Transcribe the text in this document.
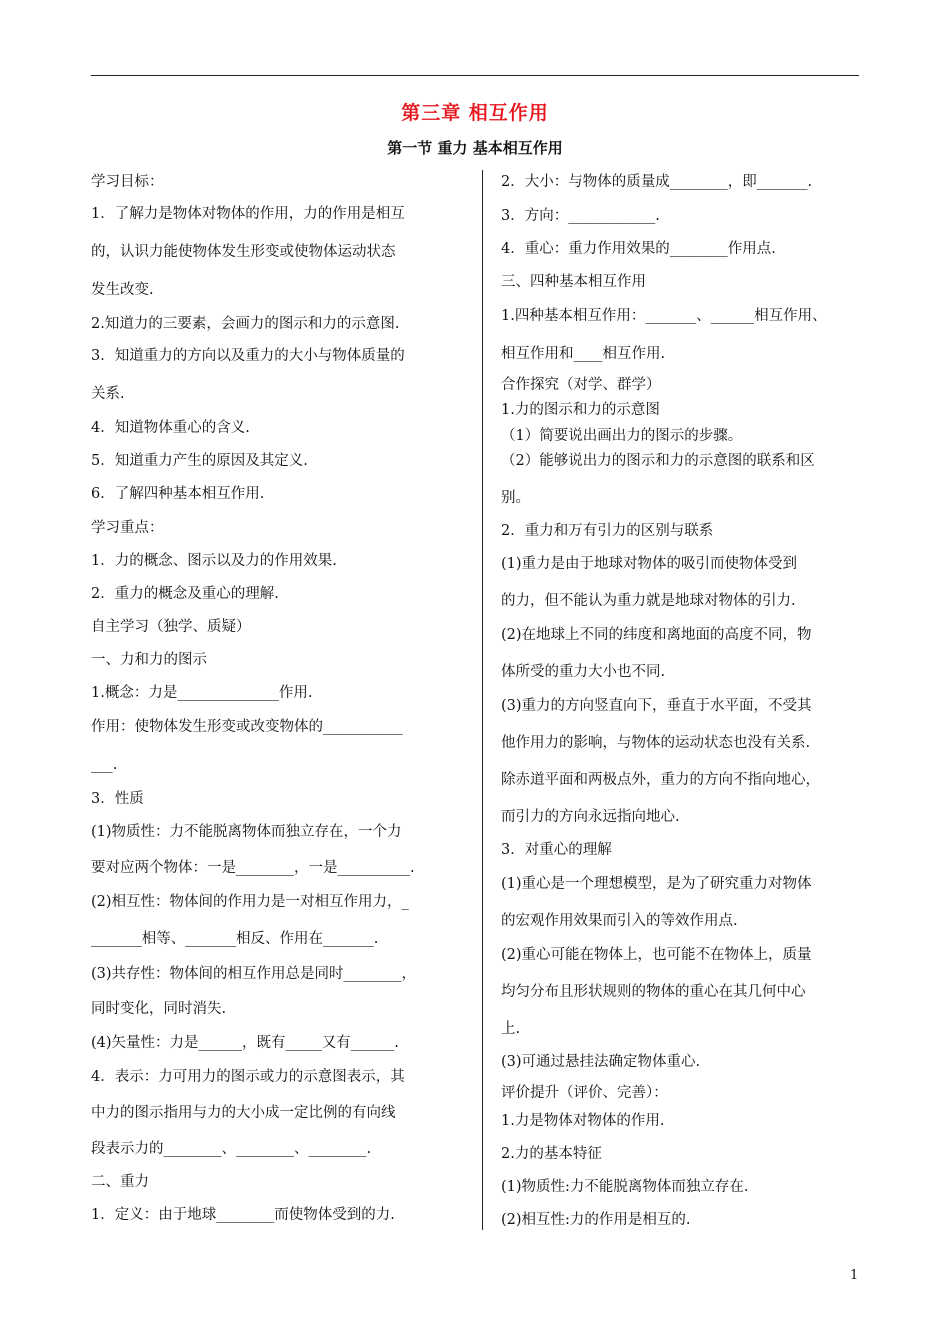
第三章 相互作用
第一节 重力 基本相互作用
学习目标：
1．了解力是物体对物体的作用，力的作用是相互
的，认识力能使物体发生形变或使物体运动状态
发生改变.
2.知道力的三要素，会画力的图示和力的示意图.
3．知道重力的方向以及重力的大小与物体质量的
关系.
4．知道物体重心的含义.
5．知道重力产生的原因及其定义.
6．了解四种基本相互作用.
学习重点：
1．力的概念、图示以及力的作用效果.
2．重力的概念及重心的理解.
自主学习（独学、质疑）
一、力和力的图示
1.概念：力是______________作用.
作用：使物体发生形变或改变物体的___________
___.
3．性质
(1)物质性：力不能脱离物体而独立存在，一个力
要对应两个物体：一是________，一是__________.
(2)相互性：物体间的作用力是一对相互作用力，_
_______相等、_______相反、作用在_______.
(3)共存性：物体间的相互作用总是同时________，
同时变化，同时消失.
(4)矢量性：力是______，既有_____又有______.
4．表示：力可用力的图示或力的示意图表示，其
中力的图示指用与力的大小成一定比例的有向线
段表示力的________、________、________.
二、重力
1．定义：由于地球________而使物体受到的力.
2．大小：与物体的质量成________，即_______.
3．方向：____________.
4．重心：重力作用效果的________作用点.
三、四种基本相互作用
1.四种基本相互作用：_______、______相互作用、
相互作用和____相互作用.
合作探究（对学、群学）
1.力的图示和力的示意图
（1）简要说出画出力的图示的步骤。
（2）能够说出力的图示和力的示意图的联系和区
别。
2．重力和万有引力的区别与联系
(1)重力是由于地球对物体的吸引而使物体受到
的力，但不能认为重力就是地球对物体的引力.
(2)在地球上不同的纬度和离地面的高度不同，物
体所受的重力大小也不同.
(3)重力的方向竖直向下，垂直于水平面，不受其
他作用力的影响，与物体的运动状态也没有关系.
除赤道平面和两极点外，重力的方向不指向地心，
而引力的方向永远指向地心.
3．对重心的理解
(1)重心是一个理想模型，是为了研究重力对物体
的宏观作用效果而引入的等效作用点.
(2)重心可能在物体上，也可能不在物体上，质量
均匀分布且形状规则的物体的重心在其几何中心
上.
(3)可通过悬挂法确定物体重心.
评价提升（评价、完善）：
1.力是物体对物体的作用.
2.力的基本特征
(1)物质性:力不能脱离物体而独立存在.
(2)相互性:力的作用是相互的.
1
